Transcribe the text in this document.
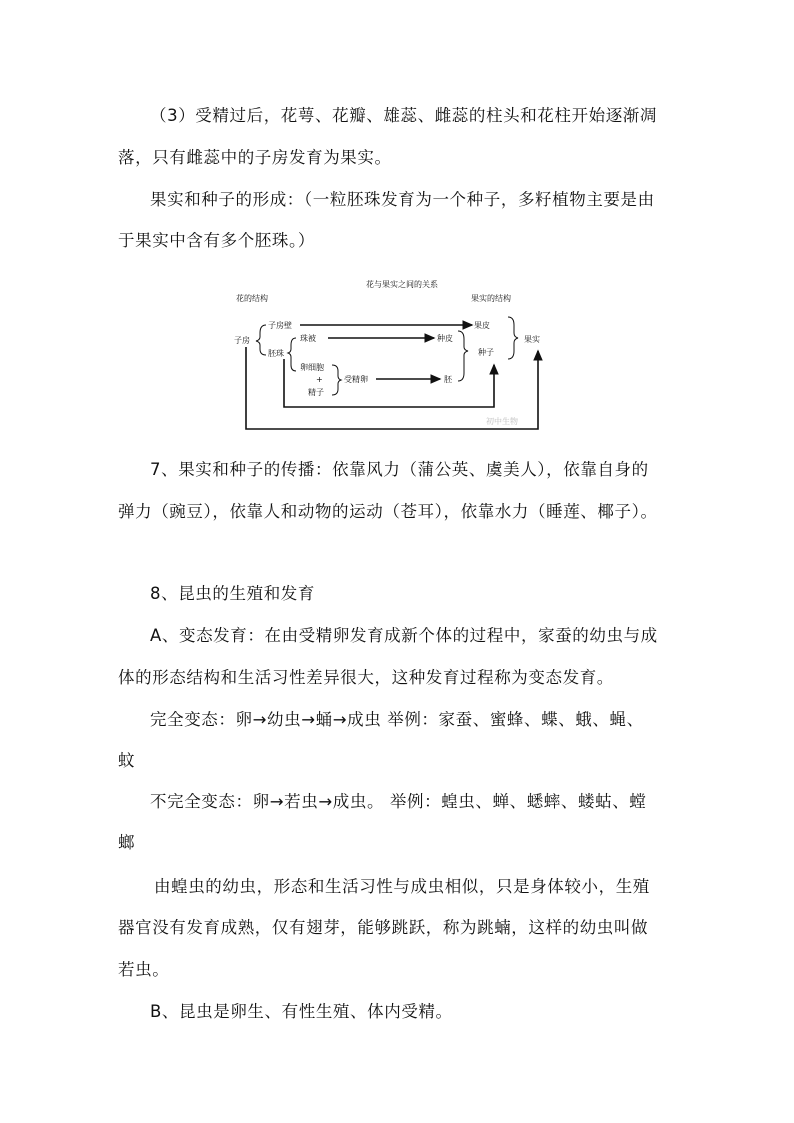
（3）受精过后，花萼、花瓣、雄蕊、雌蕊的柱头和花柱开始逐渐凋

落，只有雌蕊中的子房发育为果实。

果实和种子的形成：（一粒胚珠发育为一个种子，多籽植物主要是由

于果实中含有多个胚珠。）

花与果实之间的关系
花的结构	果实的结构
子房
子房壁
胚珠
珠被
卵细胞
+
精子
受精卵
果皮
种皮
胚
种子
果实
初中生物

7、果实和种子的传播：依靠风力（蒲公英、虞美人），依靠自身的

弹力（豌豆），依靠人和动物的运动（苍耳），依靠水力（睡莲、椰子）。

8、昆虫的生殖和发育

A、变态发育：在由受精卵发育成新个体的过程中，家蚕的幼虫与成

体的形态结构和生活习性差异很大，这种发育过程称为变态发育。

完全变态：卵→幼虫→蛹→成虫 举例：家蚕、蜜蜂、蝶、蛾、蝇、

蚊

不完全变态：卵→若虫→成虫。 举例：蝗虫、蝉、蟋蟀、蝼蛄、螳

螂

由蝗虫的幼虫，形态和生活习性与成虫相似，只是身体较小，生殖

器官没有发育成熟，仅有翅芽，能够跳跃，称为跳蝻，这样的幼虫叫做

若虫。

B、昆虫是卵生、有性生殖、体内受精。
